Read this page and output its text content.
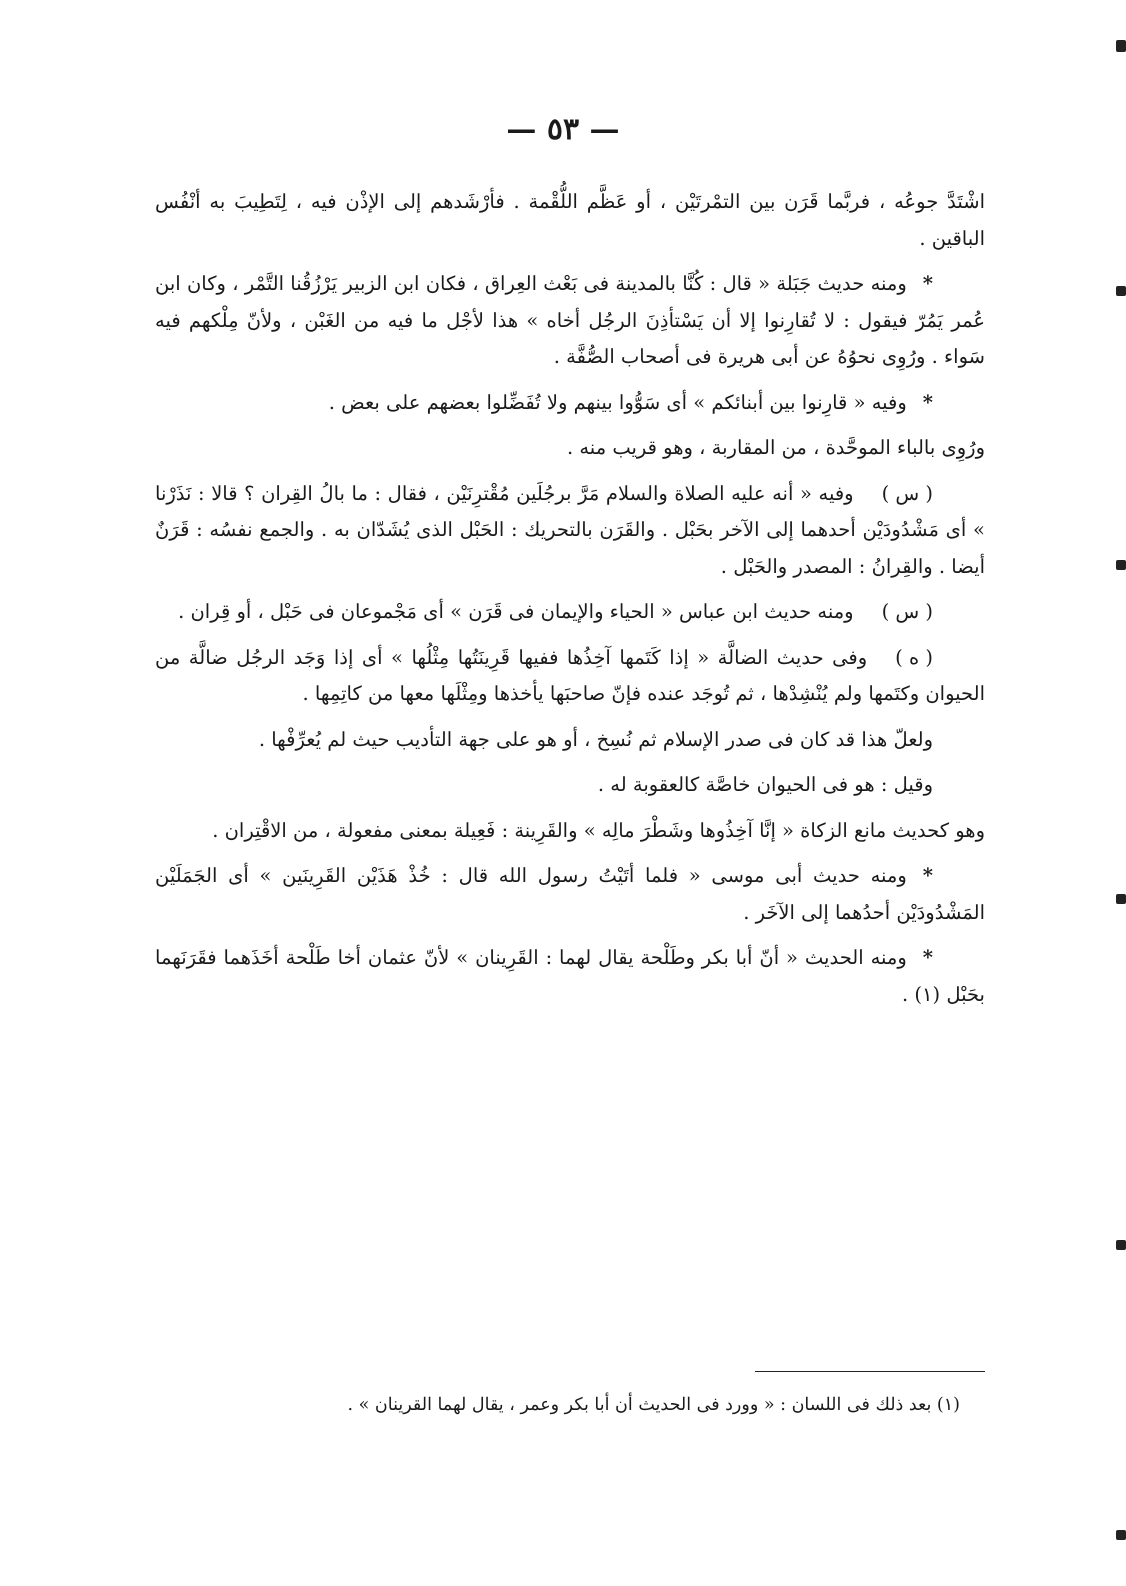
— ٥٣ —

اشْتَدَّ جوعُه ، فربَّما قَرَن بين التمْرتَيْن ، أو عَظَّم اللُّقْمة . فأرْشَدهم إلى الإذْن فيه ، لِتَطِيبَ به أنْفُس الباقين .

*ومنه حديث جَبَلة « قال : كُنَّا بالمدينة فى بَعْث العِراق ، فكان ابن الزبير يَرْزُقُنا التَّمْر ، وكان ابن عُمر يَمُرّ فيقول : لا تُقارِنوا إلا أن يَسْتأذِنَ الرجُل أخاه » هذا لأجْل ما فيه من الغَبْن ، ولأنّ مِلْكهم فيه سَواء . ورُوِى نحوُهُ عن أبى هريرة فى أصحاب الصُّفَّة .

*وفيه « قارِنوا بين أبنائكم » أى سَوُّوا بينهم ولا تُفَضِّلوا بعضهم على بعض .

ورُوِى بالباء الموحَّدة ، من المقاربة ، وهو قريب منه .

( س )وفيه « أنه عليه الصلاة والسلام مَرَّ برجُلَين مُقْترِنَيْن ، فقال : ما بالُ القِران ؟ قالا : نَذَرْنا » أى مَشْدُودَيْن أحدهما إلى الآخر بحَبْل . والقَرَن بالتحريك : الحَبْل الذى يُشَدّان به . والجمع نفسُه : قَرَنٌ أيضا . والقِرانُ : المصدر والحَبْل .

( س )ومنه حديث ابن عباس « الحياء والإيمان فى قَرَن » أى مَجْموعان فى حَبْل ، أو قِران .

( ه )وفى حديث الضالَّة « إذا كَتَمها آخِذُها ففيها قَرِينَتُها مِثْلُها » أى إذا وَجَد الرجُل ضالَّة من الحيوان وكتَمها ولم يُنْشِدْها ، ثم تُوجَد عنده فإنّ صاحبَها يأخذها ومِثْلَها معها من كاتِمِها .

ولعلّ هذا قد كان فى صدر الإسلام ثم نُسِخ ، أو هو على جهة التأديب حيث لم يُعرِّفْها .

وقيل : هو فى الحيوان خاصَّة كالعقوبة له .

وهو كحديث مانع الزكاة « إنَّا آخِذُوها وشَطْرَ مالِه » والقَرِينة : فَعِيلة بمعنى مفعولة ، من الاقْتِران .

*ومنه حديث أبى موسى « فلما أتَيْتُ رسول الله قال : خُذْ هَذَيْن القَرِينَين » أى الجَمَلَيْن المَشْدُودَيْن أحدُهما إلى الآخَر .

*ومنه الحديث « أنّ أبا بكر وطَلْحة يقال لهما : القَرِينان » لأنّ عثمان أخا طَلْحة أخَذَهما فقَرَنَهما بحَبْل (١) .

(١) بعد ذلك فى اللسان : « وورد فى الحديث أن أبا بكر وعمر ، يقال لهما القرينان » .
